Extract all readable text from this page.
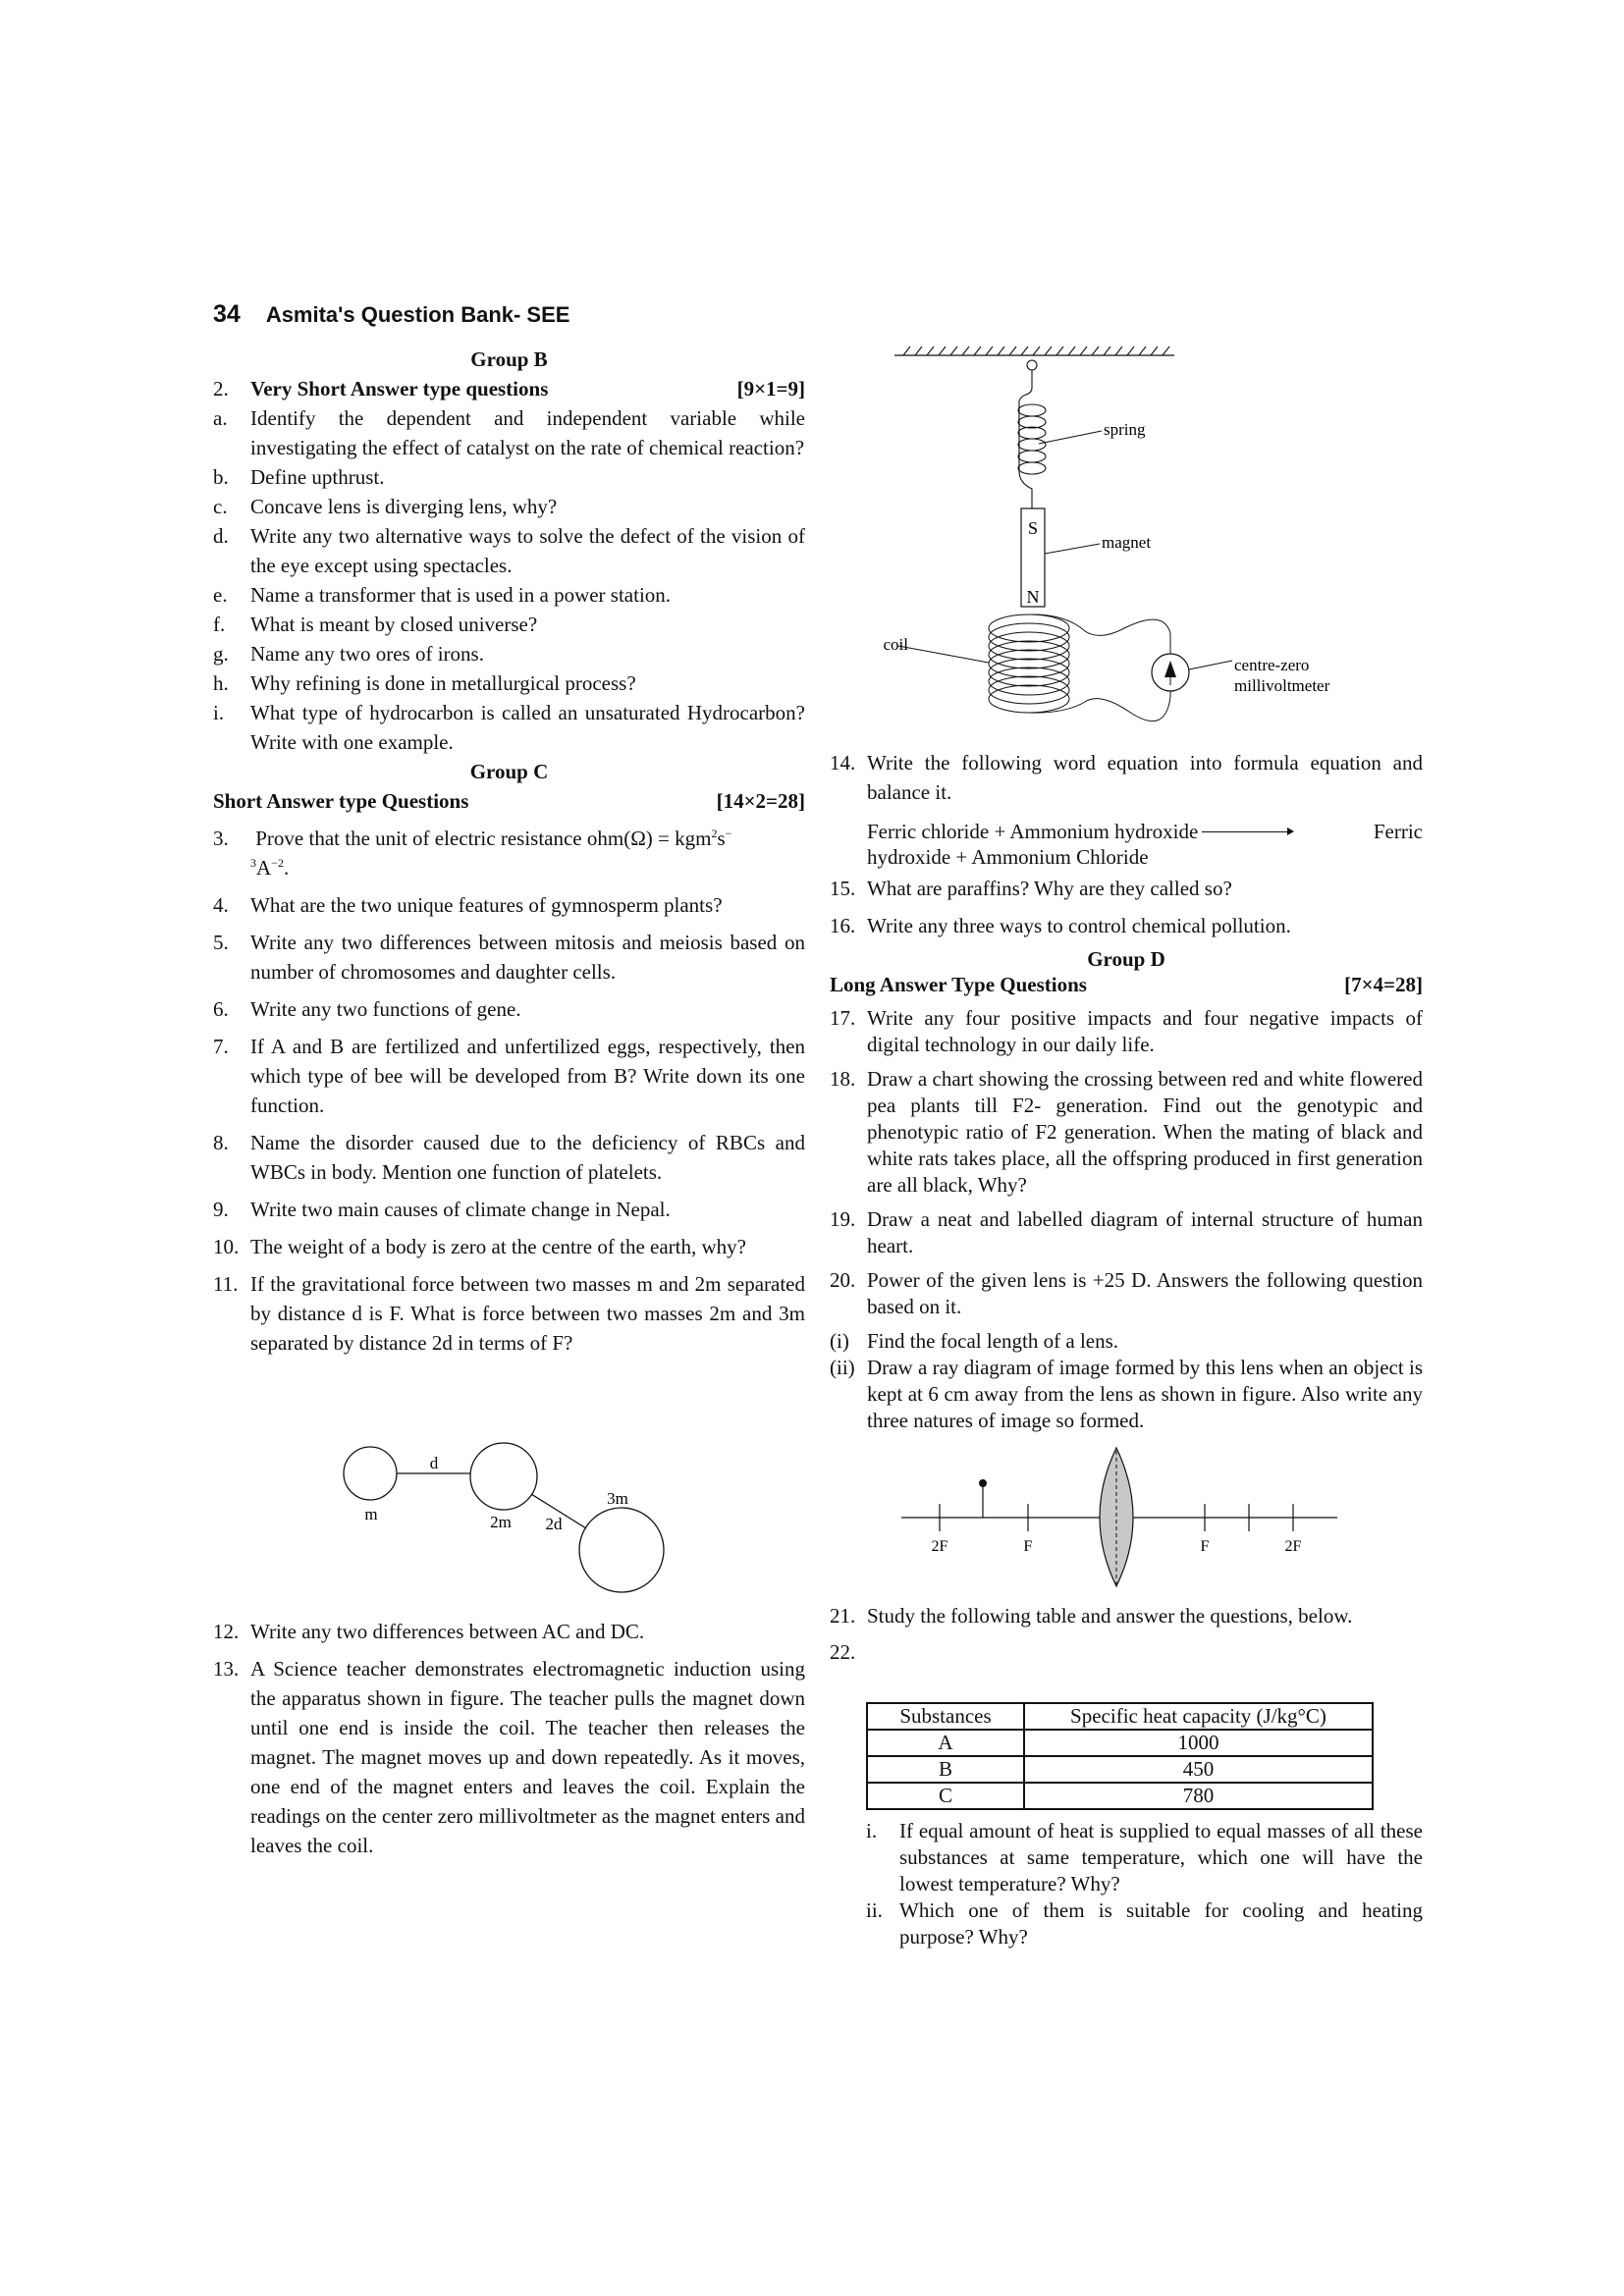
34 Asmita's Question Bank- SEE
Group B
2.	Very Short Answer type questions	[9×1=9]
a.	Identify the dependent and independent variable while investigating the effect of catalyst on the rate of chemical reaction?
b.	Define upthrust.
c.	Concave lens is diverging lens, why?
d.	Write any two alternative ways to solve the defect of the vision of the eye except using spectacles.
e.	Name a transformer that is used in a power station.
f.	What is meant by closed universe?
g.	Name any two ores of irons.
h.	Why refining is done in metallurgical process?
i.	What type of hydrocarbon is called an unsaturated Hydrocarbon? Write with one example.
Group C
Short Answer type Questions	[14×2=28]
3.	Prove that the unit of electric resistance ohm(Ω) = kgm$^2$s−
$^3A^{-2}$.
4.	What are the two unique features of gymnosperm plants?
5.	Write any two differences between mitosis and meiosis based on number of chromosomes and daughter cells.
6.	Write any two functions of gene.
7.	If A and B are fertilized and unfertilized eggs, respectively, then which type of bee will be developed from B? Write down its one function.
8.	Name the disorder caused due to the deficiency of RBCs and WBCs in body. Mention one function of platelets.
9.	Write two main causes of climate change in Nepal.
10. The weight of a body is zero at the centre of the earth, why?
11. If the gravitational force between two masses m and 2m separated by distance d is F. What is force between two masses 2m and 3m separated by distance 2d in terms of F?
d
m	2m 2d
3m
12. Write any two differences between AC and DC.
13. A Science teacher demonstrates electromagnetic induction using the apparatus shown in figure. The teacher pulls the magnet down until one end is inside the coil. The teacher then releases the magnet. The magnet moves up and down repeatedly. As it moves, one end of the magnet enters and leaves the coil. Explain the readings on the center zero millivoltmeter as the magnet enters and leaves the coil.
spring
S
N
magnet
coil
centre-zero
millivoltmeter
14. Write the following word equation into formula equation and balance it.
Ferric chloride + Ammonium hydroxide	Ferric

hydroxide + Ammonium Chloride
15. What are paraffins? Why are they called so?
16. Write any three ways to control chemical pollution.
Group D
Long Answer Type Questions	[7×4=28]
17. Write any four positive impacts and four negative impacts of digital technology in our daily life.
18. Draw a chart showing the crossing between red and white flowered pea plants till F2- generation. Find out the genotypic and phenotypic ratio of F2 generation. When the mating of black and white rats takes place, all the offspring produced in first generation are all black, Why?
19. Draw a neat and labelled diagram of internal structure of human heart.
20. Power of the given lens is +25 D. Answers the following question based on it.
(i) Find the focal length of a lens.
(ii) Draw a ray diagram of image formed by this lens when an object is kept at 6 cm away from the lens as shown in figure. Also write any three natures of image so formed.
2F	F	F	2F
21. Study the following table and answer the questions, below.
22.
Substances	Specific heat capacity (J/kg°C)
A	1000
B	450
C	780
i.	If equal amount of heat is supplied to equal masses of all these substances at same temperature, which one will have the lowest temperature? Why?
ii. Which one of them is suitable for cooling and heating purpose? Why?
